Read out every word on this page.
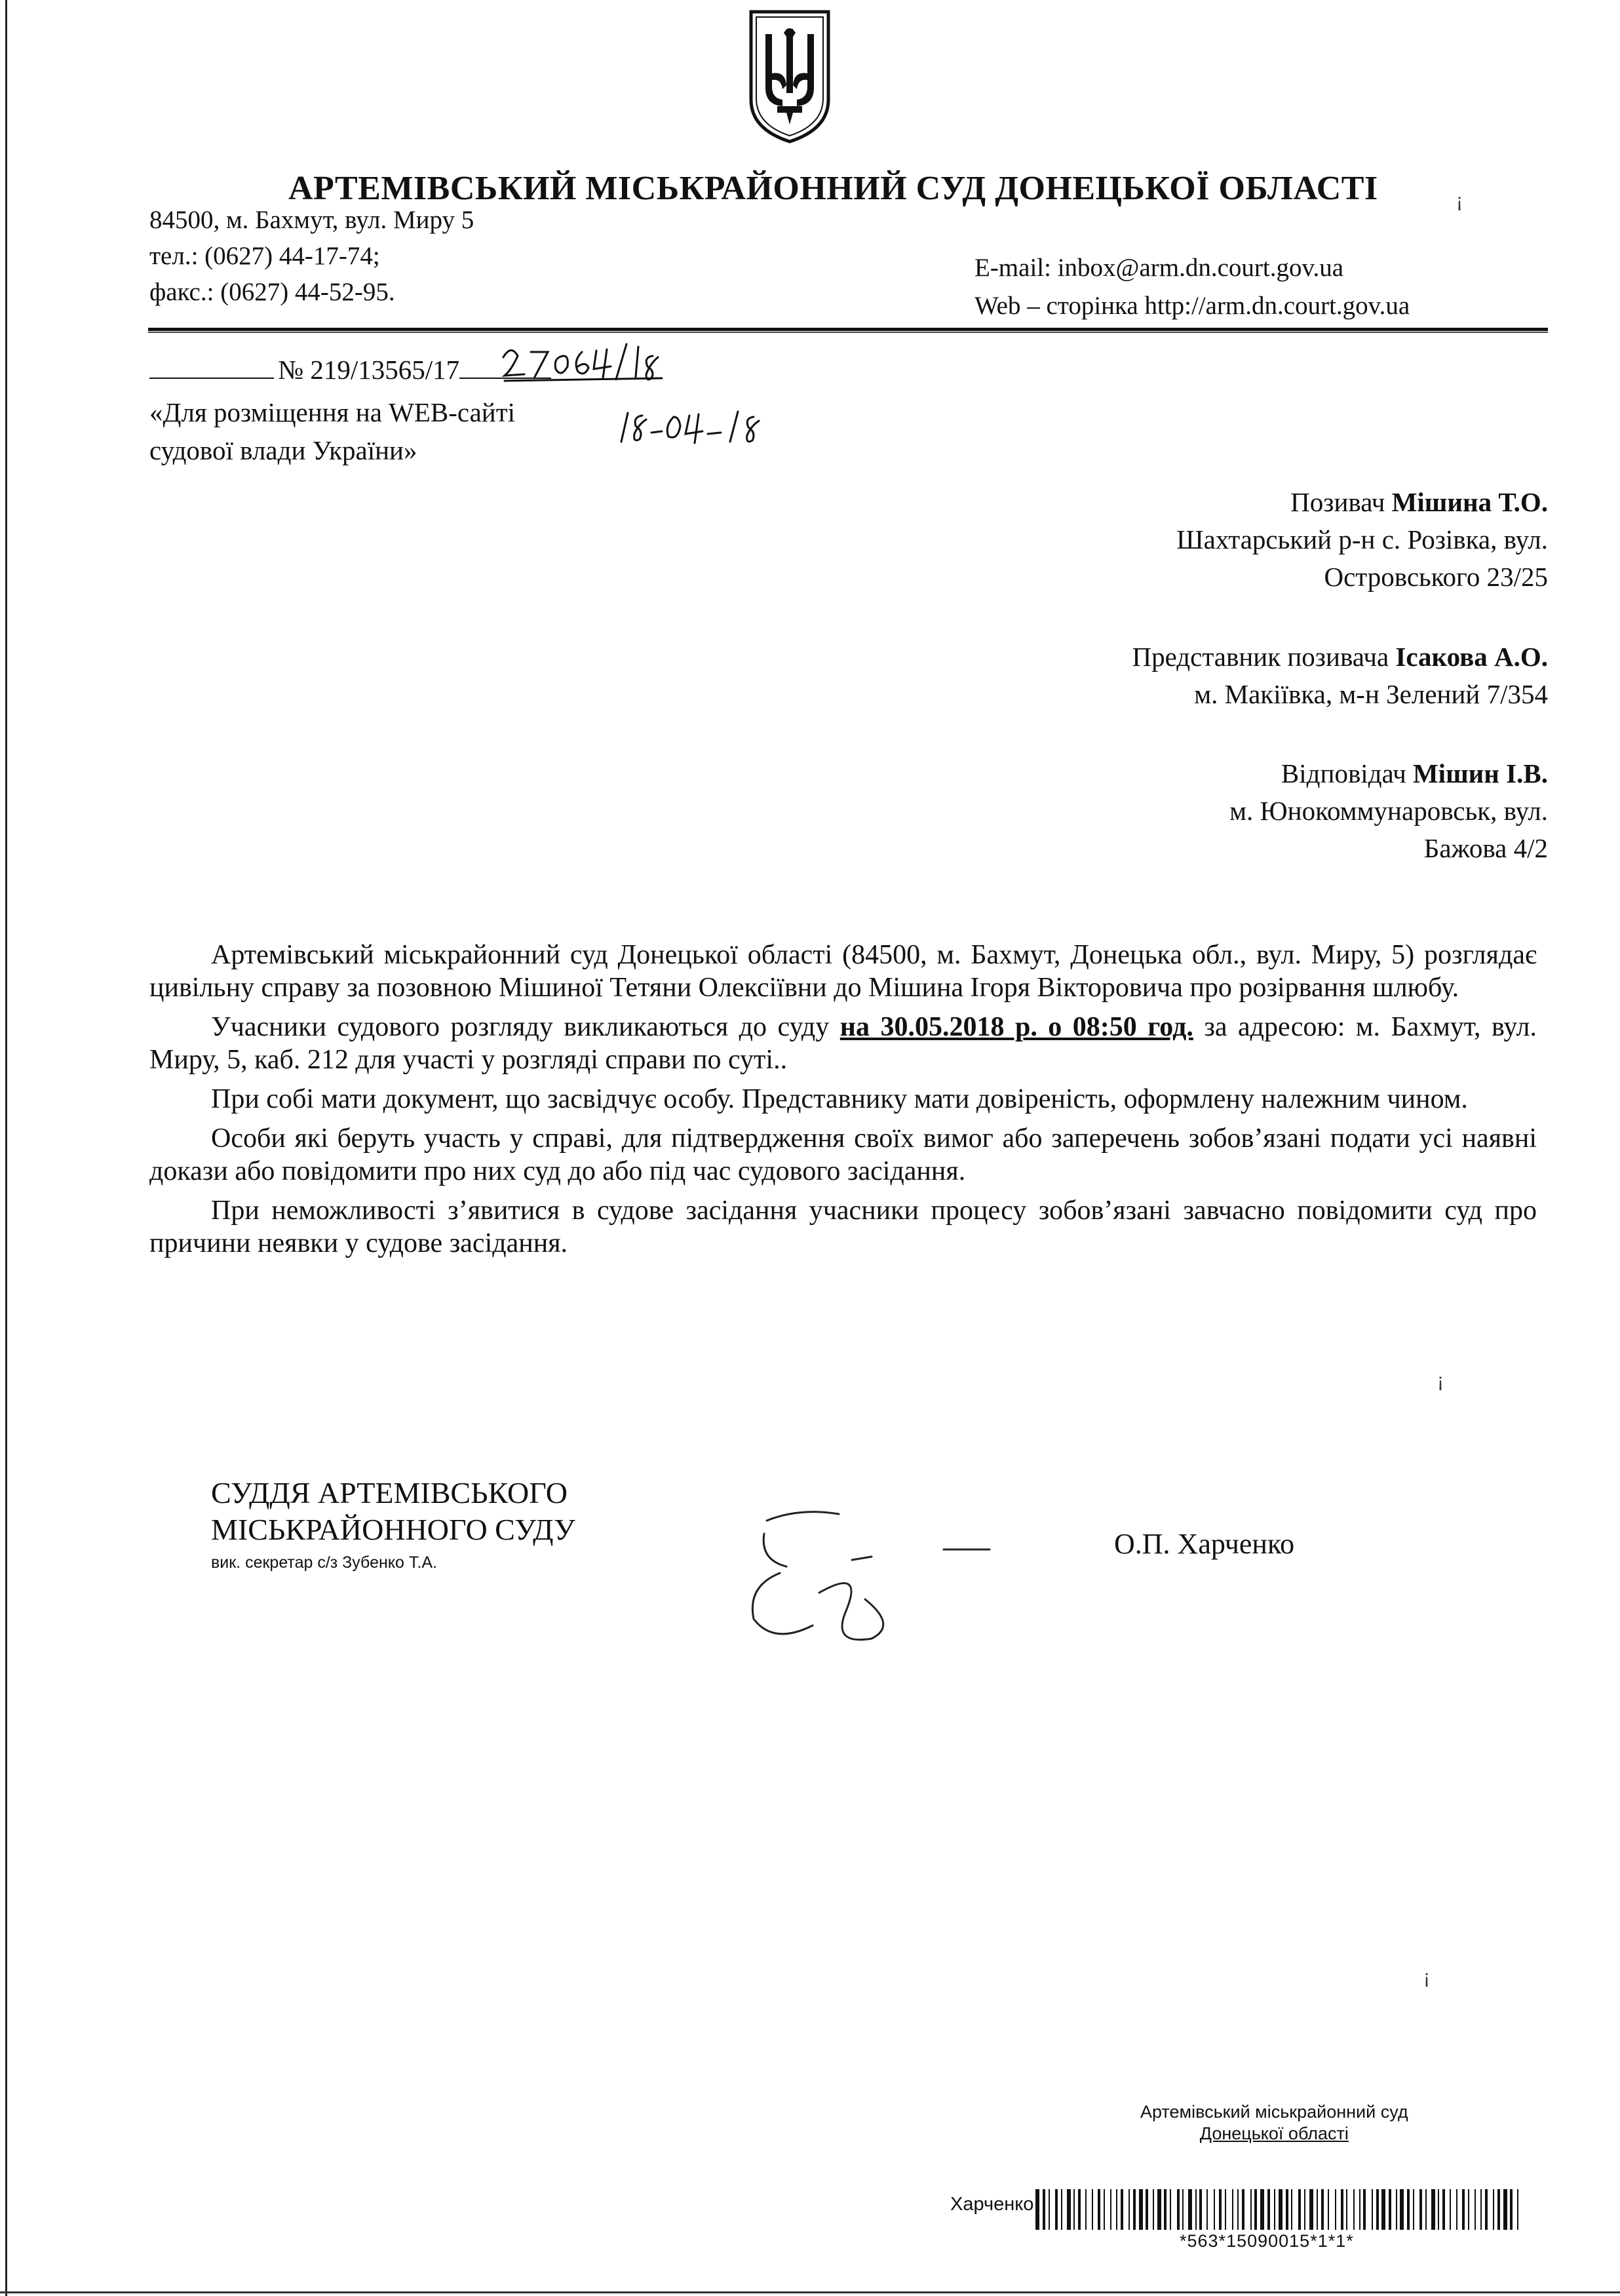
АРТЕМІВСЬКИЙ МІСЬКРАЙОННИЙ СУД ДОНЕЦЬКОЇ ОБЛАСТІ
84500, м. Бахмут, вул. Миру 5
тел.: (0627) 44-17-74;
факс.: (0627) 44-52-95.
E-mail: inbox@arm.dn.court.gov.ua
Web – сторінка http://arm.dn.court.gov.ua
№ 219/13565/17
«Для розміщення на WEB-сайті
судової влади України»
Позивач Мішина Т.О.
Шахтарський р-н с. Розівка, вул.
Островського 23/25
Представник позивача Ісакова А.О.
м. Макіївка, м-н Зелений 7/354
Відповідач Мішин І.В.
м. Юнокоммунаровськ, вул.
Бажова 4/2

Артемівський міськрайонний суд Донецької області (84500, м. Бахмут, Донецька обл., вул. Миру, 5) розглядає цивільну справу за позовною Мішиної Тетяни Олексіївни до Мішина Ігоря Вікторовича про розірвання шлюбу.

Учасники судового розгляду викликаються до суду на 30.05.2018 р. о 08:50 год. за адресою: м. Бахмут, вул. Миру, 5, каб. 212 для участі у розгляді справи по суті..

При собі мати документ, що засвідчує особу. Представнику мати довіреність, оформлену належним чином.

Особи які беруть участь у справі, для підтвердження своїх вимог або заперечень зобов’язані подати усі наявні докази або повідомити про них суд до або під час судового засідання.

При неможливості з’явитися в судове засідання учасники процесу зобов’язані завчасно повідомити суд про причини неявки у судове засідання.

СУДДЯ АРТЕМІВСЬКОГО
МІСЬКРАЙОННОГО СУДУ
вик. секретар с/з Зубенко Т.А.
О.П. Харченко
¡
¡
¡
Артемівський міськрайонний суд
Донецької області
Харченко
*563*15090015*1*1*
